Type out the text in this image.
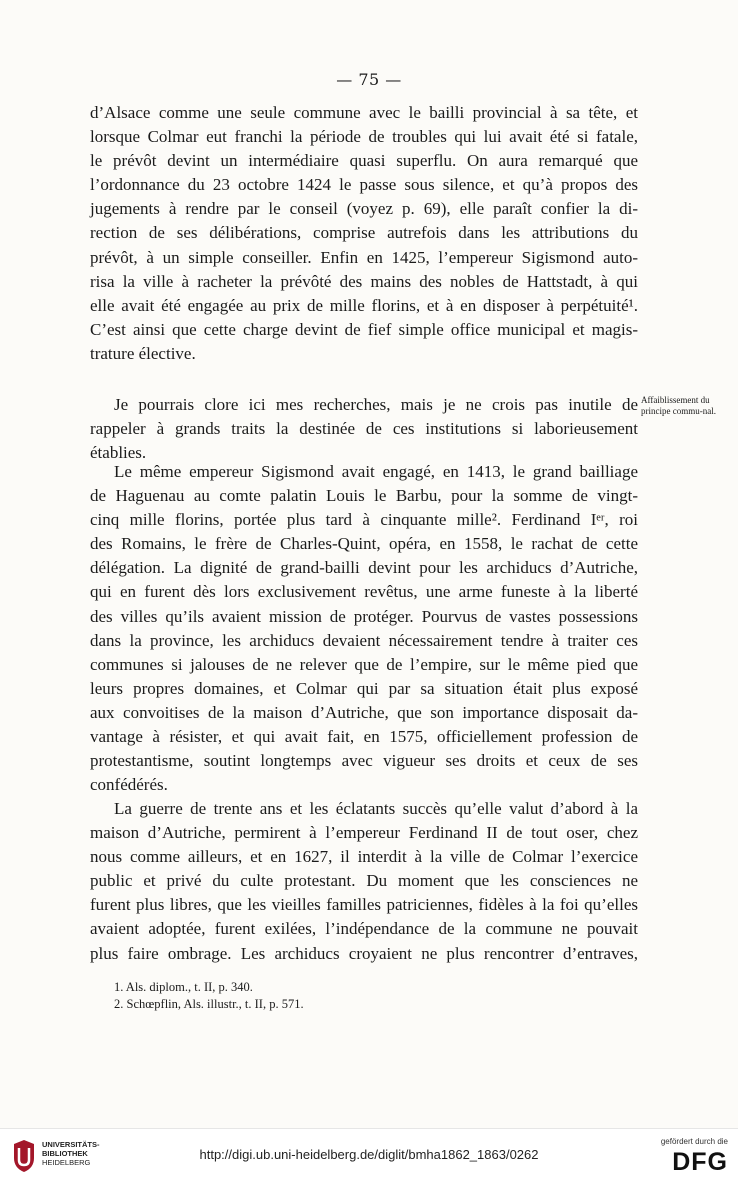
— 75 —
d’Alsace comme une seule commune avec le bailli provincial à sa tête, et
lorsque Colmar eut franchi la période de troubles qui lui avait été si fatale,
le prévôt devint un intermédiaire quasi superflu. On aura remarqué que
l’ordonnance du 23 octobre 1424 le passe sous silence, et qu’à propos des
jugements à rendre par le conseil (voyez p. 69), elle paraît confier la di-
rection de ses délibérations, comprise autrefois dans les attributions du
prévôt, à un simple conseiller. Enfin en 1425, l’empereur Sigismond auto-
risa la ville à racheter la prévôté des mains des nobles de Hattstadt, à qui
elle avait été engagée au prix de mille florins, et à en disposer à perpétuité¹.
C’est ainsi que cette charge devint de fief simple office municipal et magis-

trature élective.
Je pourrais clore ici mes recherches, mais je ne crois pas inutile de
rappeler à grands traits la destinée de ces institutions si laborieusement

établies.
Affaiblissement du principe commu-nal.
Le même empereur Sigismond avait engagé, en 1413, le grand bailliage
de Haguenau au comte palatin Louis le Barbu, pour la somme de vingt-
cinq mille florins, portée plus tard à cinquante mille². Ferdinand Iᵉʳ, roi
des Romains, le frère de Charles-Quint, opéra, en 1558, le rachat de cette
délégation. La dignité de grand-bailli devint pour les archiducs d’Autriche,
qui en furent dès lors exclusivement revêtus, une arme funeste à la liberté
des villes qu’ils avaient mission de protéger. Pourvus de vastes possessions
dans la province, les archiducs devaient nécessairement tendre à traiter ces
communes si jalouses de ne relever que de l’empire, sur le même pied que
leurs propres domaines, et Colmar qui par sa situation était plus exposé
aux convoitises de la maison d’Autriche, que son importance disposait da-
vantage à résister, et qui avait fait, en 1575, officiellement profession de
protestantisme, soutint longtemps avec vigueur ses droits et ceux de ses

confédérés.
La guerre de trente ans et les éclatants succès qu’elle valut d’abord à la
maison d’Autriche, permirent à l’empereur Ferdinand II de tout oser, chez
nous comme ailleurs, et en 1627, il interdit à la ville de Colmar l’exercice
public et privé du culte protestant. Du moment que les consciences ne
furent plus libres, que les vieilles familles patriciennes, fidèles à la foi qu’elles
avaient adoptée, furent exilées, l’indépendance de la commune ne pouvait
plus faire ombrage. Les archiducs croyaient ne plus rencontrer d’entraves,
1. Als. diplom., t. II, p. 340.
2. Schœpflin, Als. illustr., t. II, p. 571.
UNIVERSITÄTS-
BIBLIOTHEK
HEIDELBERG
http://digi.ub.uni-heidelberg.de/diglit/bmha1862_1863/0262
gefördert durch die
DFG
